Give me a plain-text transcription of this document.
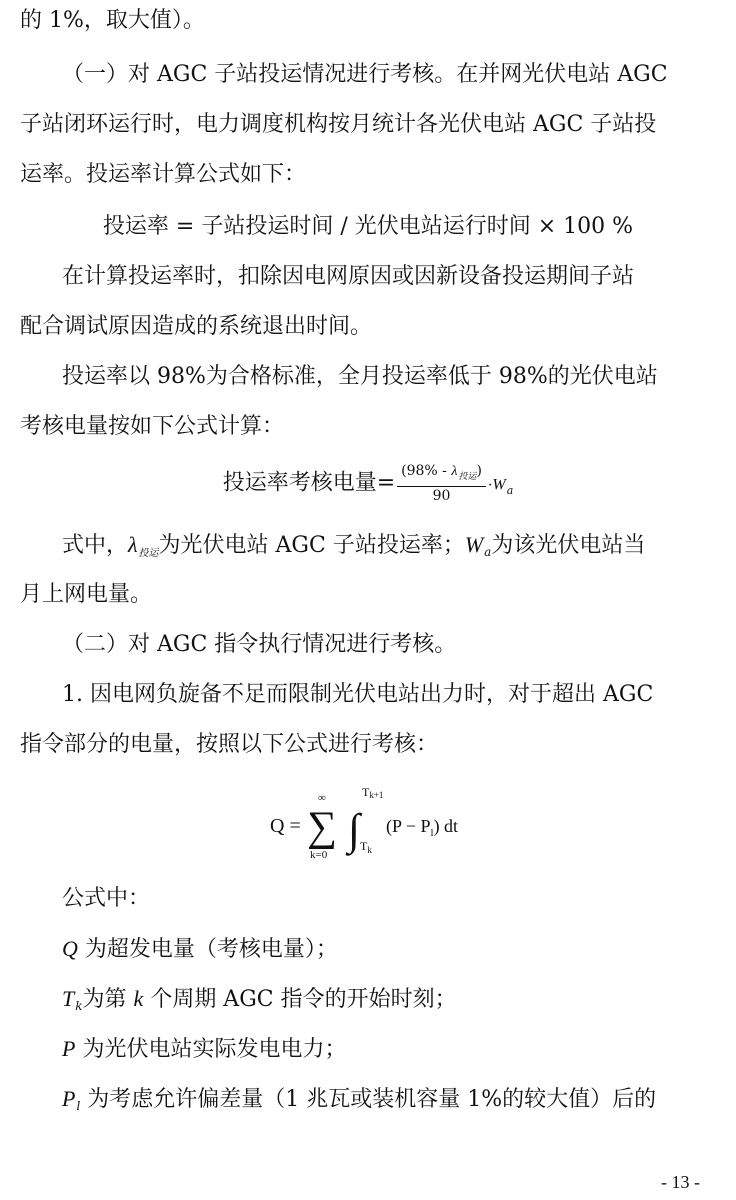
的 1%，取大值）。
（一）对 AGC 子站投运情况进行考核。在并网光伏电站 AGC
子站闭环运行时，电力调度机构按月统计各光伏电站 AGC 子站投
运率。投运率计算公式如下：
投运率 = 子站投运时间 / 光伏电站运行时间 × 100 %
在计算投运率时，扣除因电网原因或因新设备投运期间子站
配合调试原因造成的系统退出时间。
投运率以 98%为合格标准，全月投运率低于 98%的光伏电站
考核电量按如下公式计算：
投运率考核电量= $\frac{(98\% - \lambda_{投运})}{90} \cdot W_a$
式中，$\lambda_{投运}$为光伏电站 AGC 子站投运率；$W_a$为该光伏电站当
月上网电量。
（二）对 AGC 指令执行情况进行考核。
1. 因电网负旋备不足而限制光伏电站出力时，对于超出 AGC
指令部分的电量，按照以下公式进行考核：
Q =
∞
∑
k=0
∫
Tk+1
$T_k$
$(P - P_l)$ dt
公式中：
Q 为超发电量（考核电量）；
$T_k$为第 k 个周期 AGC 指令的开始时刻；
P 为光伏电站实际发电电力；
$P_l$ 为考虑允许偏差量（1 兆瓦或装机容量 1%的较大值）后的
- 13 -
